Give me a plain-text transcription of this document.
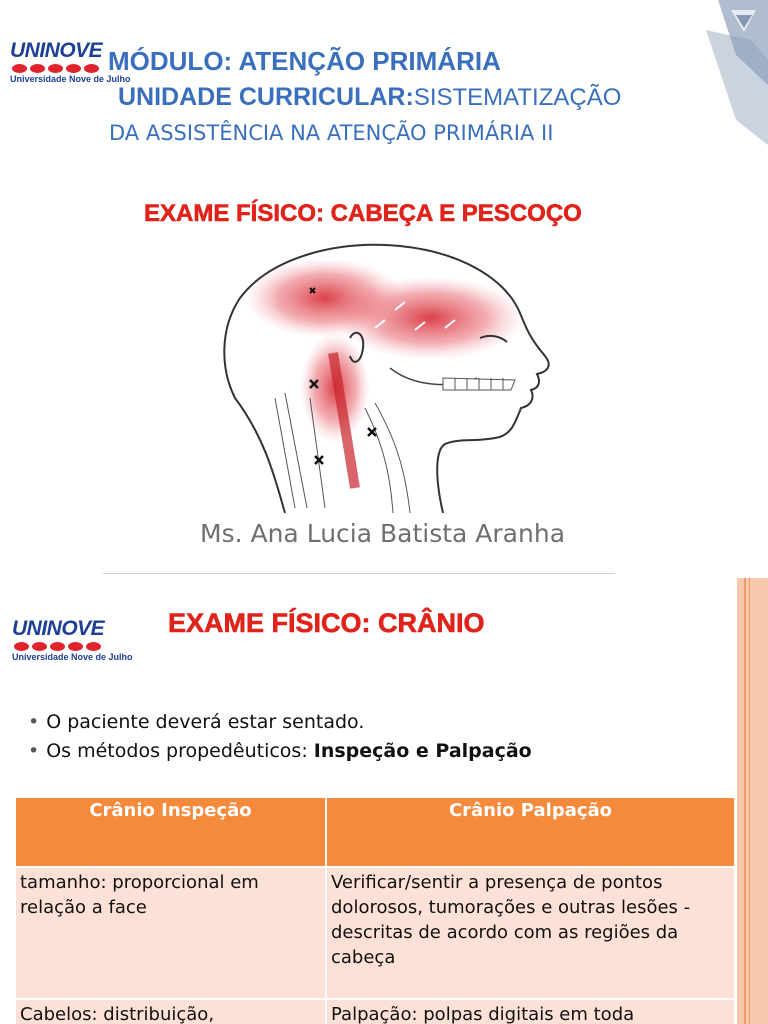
UNINOVE
Universidade Nove de Julho
MÓDULO: ATENÇÃO PRIMÁRIA
UNIDADE CURRICULAR:SISTEMATIZAÇÃO
DA ASSISTÊNCIA NA ATENÇÃO PRIMÁRIA II
EXAME FÍSICO: CABEÇA E PESCOÇO
Ms. Ana Lucia Batista Aranha
UNINOVE
Universidade Nove de Julho
EXAME FÍSICO: CRÂNIO
• O paciente deverá estar sentado.
• Os métodos propedêuticos: Inspeção e Palpação
Crânio Inspeção	Crânio Palpação
tamanho: proporcional em relação a face	Verificar/sentir a presença de pontos dolorosos, tumorações e outras lesões - descritas de acordo com as regiões da cabeça
Cabelos: distribuição,	Palpação: polpas digitais em toda
